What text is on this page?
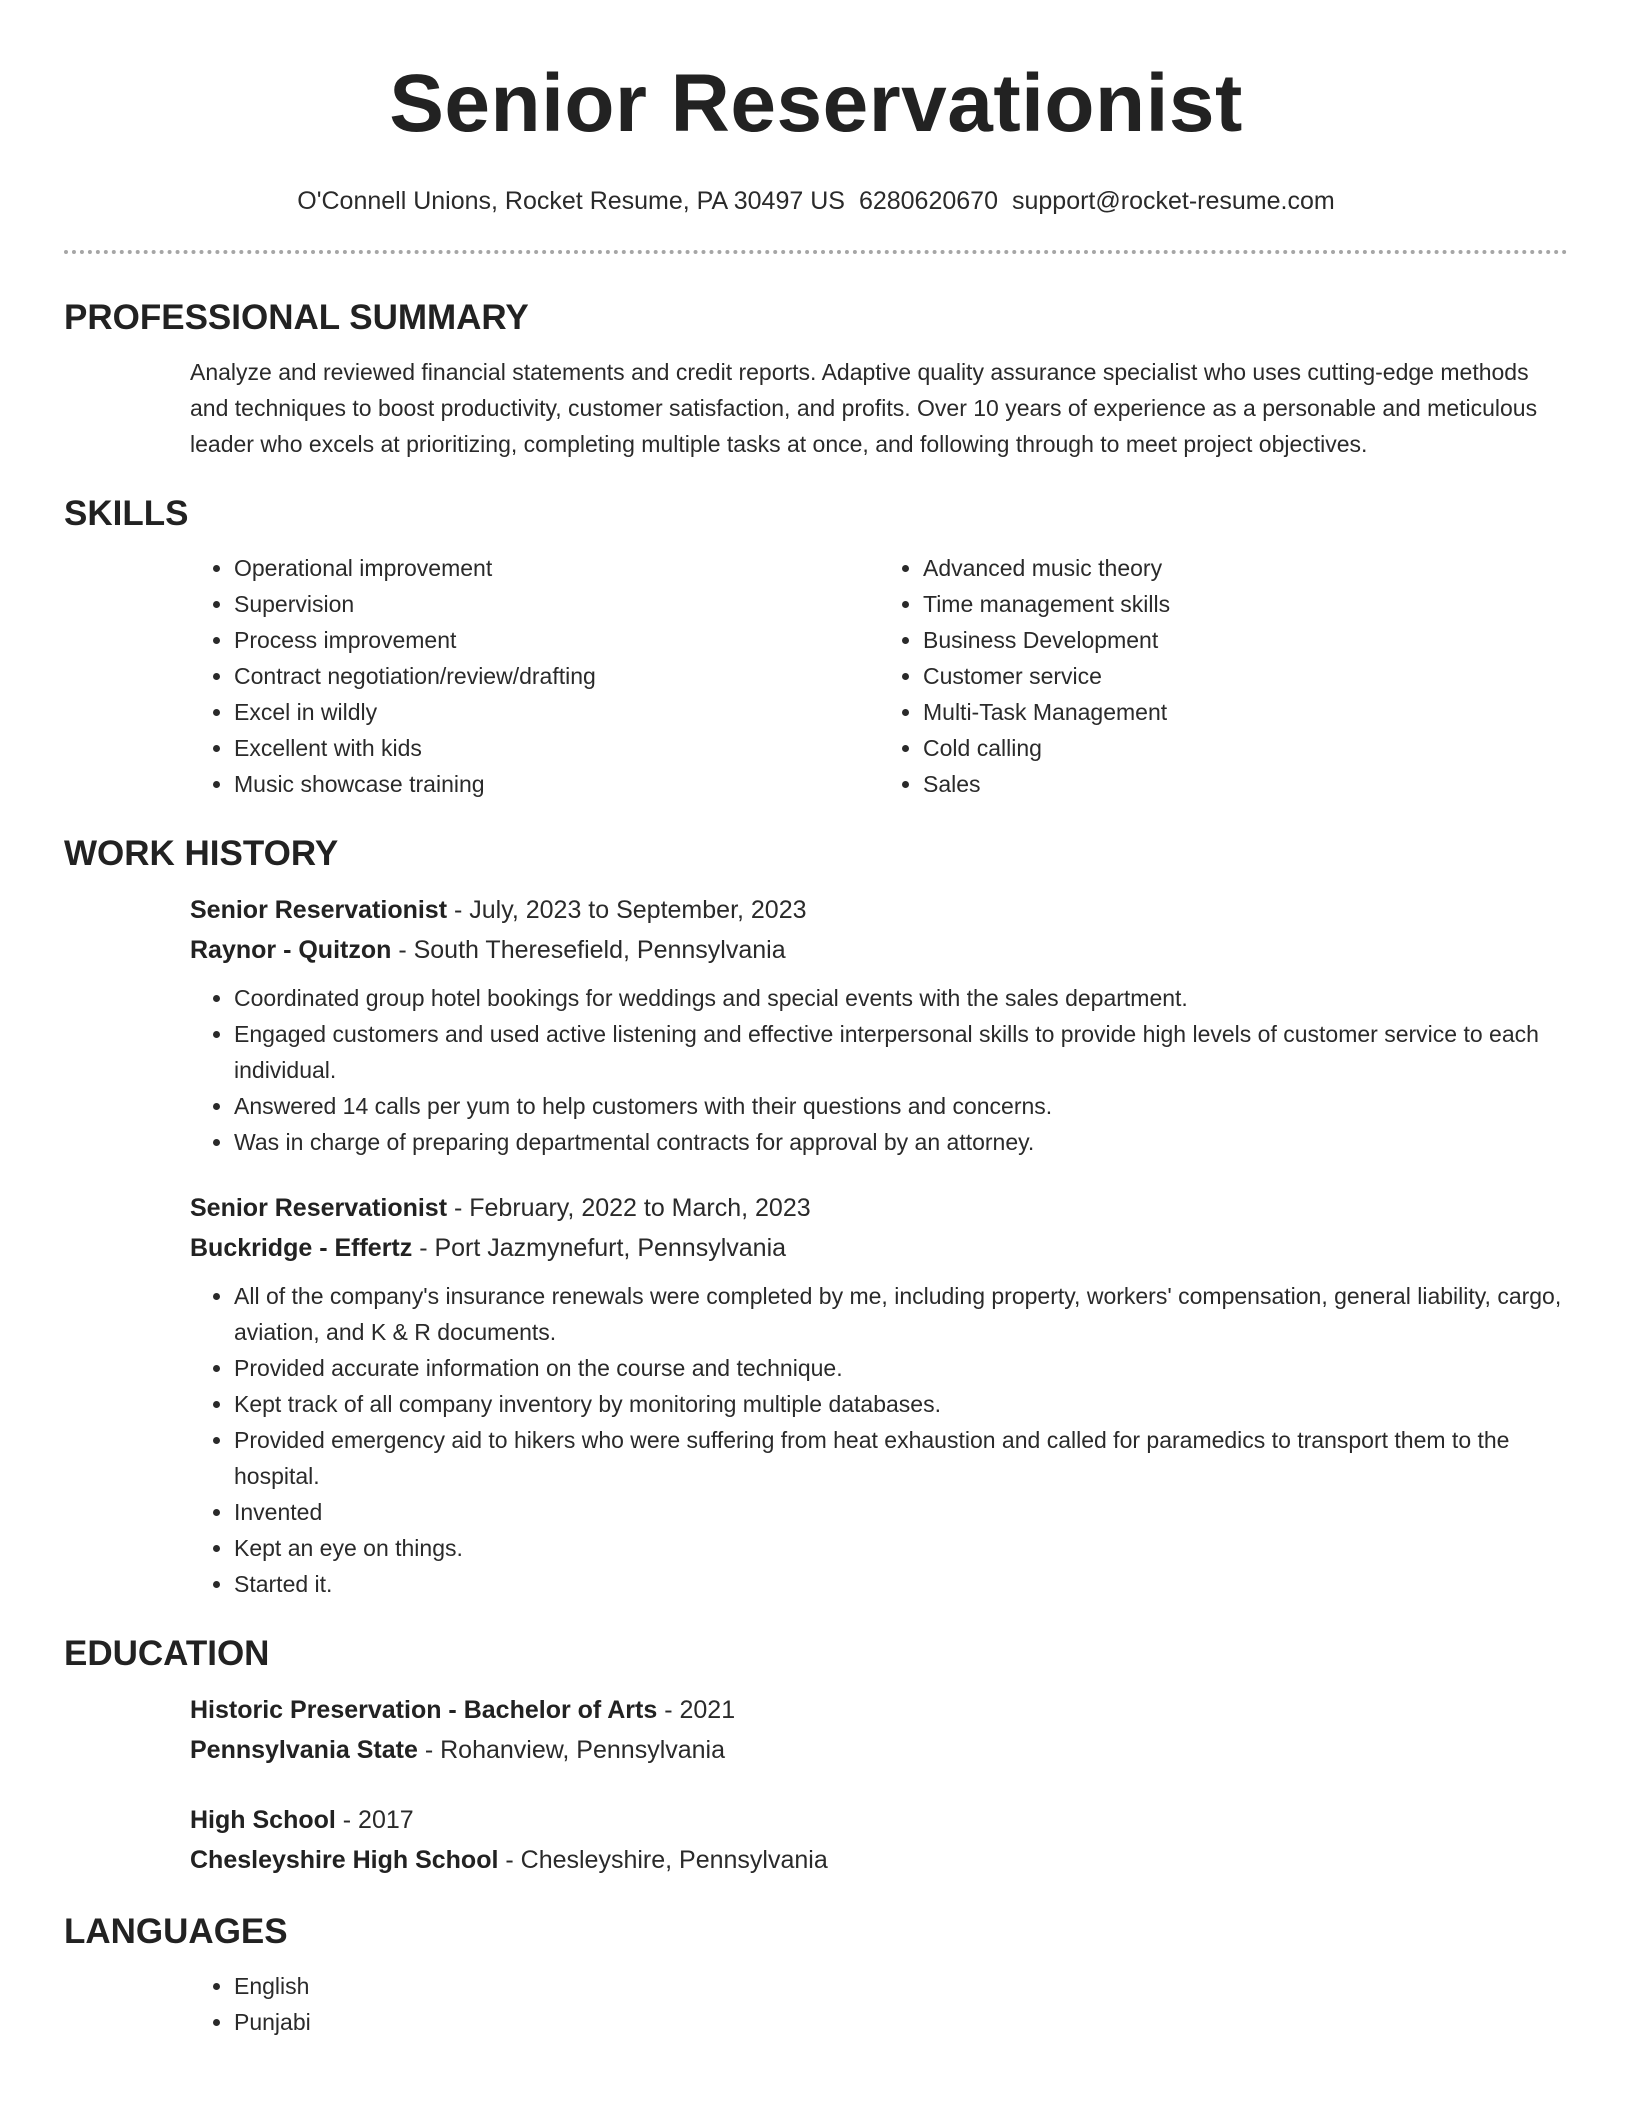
Senior Reservationist
O'Connell Unions, Rocket Resume, PA 30497 US 6280620670 support@rocket-resume.com
PROFESSIONAL SUMMARY

Analyze and reviewed financial statements and credit reports. Adaptive quality assurance specialist who uses cutting-edge methods and techniques to boost productivity, customer satisfaction, and profits. Over 10 years of experience as a personable and meticulous leader who excels at prioritizing, completing multiple tasks at once, and following through to meet project objectives.

SKILLS
• Operational improvement
• Supervision
• Process improvement
• Contract negotiation/review/drafting
• Excel in wildly
• Excellent with kids
• Music showcase training
• Advanced music theory
• Time management skills
• Business Development
• Customer service
• Multi-Task Management
• Cold calling
• Sales
WORK HISTORY
Senior Reservationist - July, 2023 to September, 2023
Raynor - Quitzon - South Theresefield, Pennsylvania
• Coordinated group hotel bookings for weddings and special events with the sales department.
• Engaged customers and used active listening and effective interpersonal skills to provide high levels of customer service to each individual.
• Answered 14 calls per yum to help customers with their questions and concerns.
• Was in charge of preparing departmental contracts for approval by an attorney.
Senior Reservationist - February, 2022 to March, 2023
Buckridge - Effertz - Port Jazmynefurt, Pennsylvania
• All of the company's insurance renewals were completed by me, including property, workers' compensation, general liability, cargo, aviation, and K & R documents.
• Provided accurate information on the course and technique.
• Kept track of all company inventory by monitoring multiple databases.
• Provided emergency aid to hikers who were suffering from heat exhaustion and called for paramedics to transport them to the hospital.
• Invented
• Kept an eye on things.
• Started it.
EDUCATION
Historic Preservation - Bachelor of Arts - 2021
Pennsylvania State - Rohanview, Pennsylvania
High School - 2017
Chesleyshire High School - Chesleyshire, Pennsylvania
LANGUAGES
• English
• Punjabi
